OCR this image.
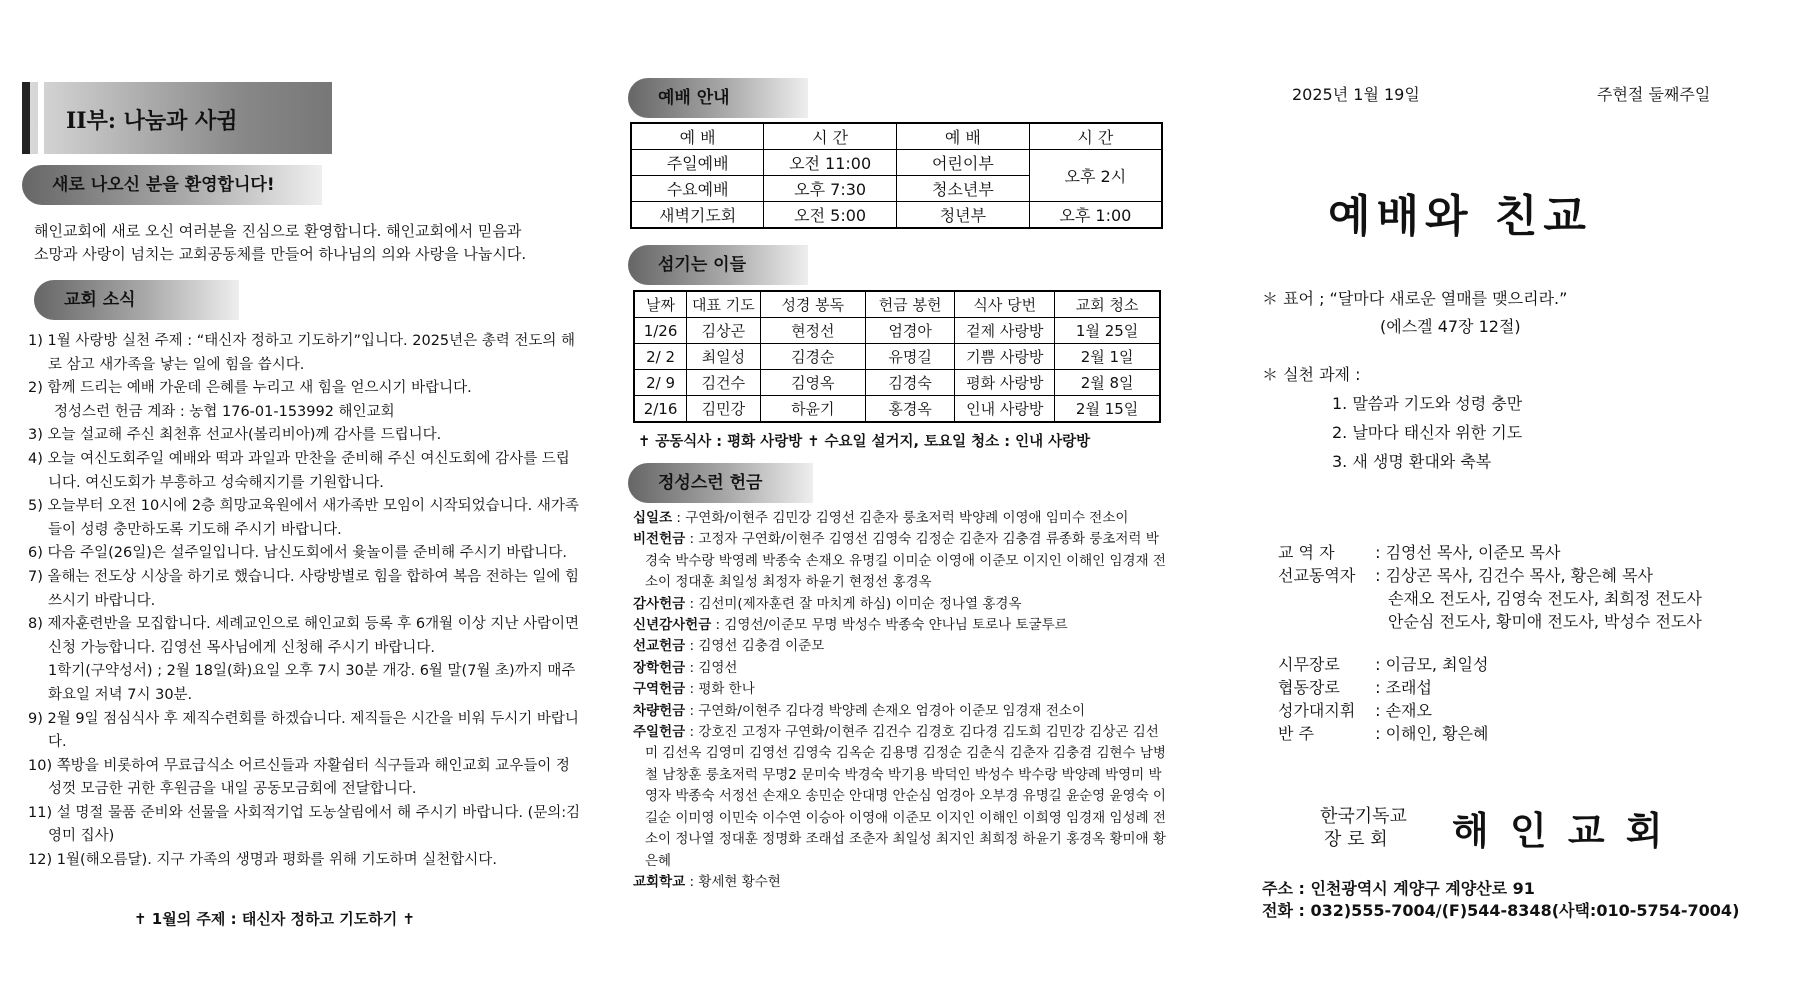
II부: 나눔과 사귐
새로 나오신 분을 환영합니다!
해인교회에 새로 오신 여러분을 진심으로 환영합니다. 해인교회에서 믿음과
소망과 사랑이 넘치는 교회공동체를 만들어 하나님의 의와 사랑을 나눕시다.
교회 소식
1) 1월 사랑방 실천 주제 : “태신자 정하고 기도하기”입니다. 2025년은 총력 전도의 해로 삼고 새가족을 낳는 일에 힘을 씁시다.
2) 함께 드리는 예배 가운데 은혜를 누리고 새 힘을 얻으시기 바랍니다.
정성스런 헌금 계좌 : 농협 176-01-153992 해인교회
3) 오늘 설교해 주신 최천휴 선교사(볼리비아)께 감사를 드립니다.
4) 오늘 여신도회주일 예배와 떡과 과일과 만찬을 준비해 주신 여신도회에 감사를 드립니다. 여신도회가 부흥하고 성숙해지기를 기원합니다.
5) 오늘부터 오전 10시에 2층 희망교육원에서 새가족반 모임이 시작되었습니다. 새가족들이 성령 충만하도록 기도해 주시기 바랍니다.
6) 다음 주일(26일)은 설주일입니다. 남신도회에서 윷놀이를 준비해 주시기 바랍니다.
7) 올해는 전도상 시상을 하기로 했습니다. 사랑방별로 힘을 합하여 복음 전하는 일에 힘쓰시기 바랍니다.
8) 제자훈련반을 모집합니다. 세례교인으로 해인교회 등록 후 6개월 이상 지난 사람이면 신청 가능합니다. 김영선 목사님에게 신청해 주시기 바랍니다.
1학기(구약성서) ; 2월 18일(화)요일 오후 7시 30분 개강. 6월 말(7월 초)까지 매주 화요일 저녁 7시 30분.
9) 2월 9일 점심식사 후 제직수련회를 하겠습니다. 제직들은 시간을 비워 두시기 바랍니다.
10) 쪽방을 비롯하여 무료급식소 어르신들과 자활쉼터 식구들과 해인교회 교우들이 정성껏 모금한 귀한 후원금을 내일 공동모금회에 전달합니다.
11) 설 명절 물품 준비와 선물을 사회적기업 도농살림에서 해 주시기 바랍니다. (문의:김영미 집사)
12) 1월(해오름달). 지구 가족의 생명과 평화를 위해 기도하며 실천합시다.
✝ 1월의 주제 : 태신자 정하고 기도하기 ✝
예배 안내
예 배	시 간	예 배	시 간
주일예배	오전 11:00	어린이부	오후 2시
수요예배	오후 7:30	청소년부	
새벽기도회	오전 5:00	청년부	오후 1:00
섬기는 이들
날짜	대표 기도	성경 봉독	헌금 봉헌	식사 당번	교회 청소
1/26	김상곤	현정선	엄경아	겉제 사랑방	1월 25일
2/ 2	최일성	김경순	유명길	기쁨 사랑방	2월 1일
2/ 9	김건수	김영옥	김경숙	평화 사랑방	2월 8일
2/16	김민강	하윤기	홍경옥	인내 사랑방	2월 15일
✝ 공동식사 : 평화 사랑방 ✝ 수요일 설거지, 토요일 청소 : 인내 사랑방
정성스런 헌금

십일조 : 구연화/이현주 김민강 김영선 김춘자 룽초저럭 박양례 이영애 임미수 전소이

비전헌금 : 고정자 구연화/이현주 김영선 김영숙 김정순 김춘자 김충겸 류종화 룽초저럭 박경숙 박수랑 박영례 박종숙 손재오 유명길 이미순 이영애 이준모 이지인 이해인 임경재 전소이 정대훈 최일성 최정자 하윤기 현정선 홍경옥

감사헌금 : 김선미(제자훈련 잘 마치게 하심) 이미순 정나열 홍경옥

신년감사헌금 : 김영선/이준모 무명 박성수 박종숙 얀나님 토로나 토굴투르

선교헌금 : 김영선 김충겸 이준모

장학헌금 : 김영선

구역헌금 : 평화 한나

차량헌금 : 구연화/이현주 김다경 박양례 손재오 엄경아 이준모 임경재 전소이

주일헌금 : 강호진 고정자 구연화/이현주 김건수 김경호 김다경 김도희 김민강 김상곤 김선미 김선옥 김영미 김영선 김영숙 김옥순 김용명 김정순 김춘식 김춘자 김충겸 김현수 남병철 남창훈 룽초저럭 무명2 문미숙 박경숙 박기용 박덕인 박성수 박수랑 박양례 박영미 박영자 박종숙 서정선 손재오 송민순 안대명 안순심 엄경아 오부경 유명길 윤순영 윤영숙 이길순 이미영 이민숙 이수연 이승아 이영애 이준모 이지인 이해인 이희영 임경재 임성례 전소이 정나열 정대훈 정명화 조래섭 조춘자 최일성 최지인 최희정 하윤기 홍경옥 황미애 황은혜

교회학교 : 황세현 황수현

2025년 1월 19일	주현절 둘째주일
예배와 친교
＊ 표어 ; “달마다 새로운 열매를 맺으리라.”
(에스겔 47장 12절)
＊ 실천 과제 :
1. 말씀과 기도와 성령 충만
2. 날마다 태신자 위한 기도
3. 새 생명 환대와 축복
교 역 자 : 김영선 목사, 이준모 목사
선교동역자 : 김상곤 목사, 김건수 목사, 황은혜 목사
손재오 전도사, 김영숙 전도사, 최희정 전도사
안순심 전도사, 황미애 전도사, 박성수 전도사
시무장로 : 이금모, 최일성
협동장로 : 조래섭
성가대지휘 : 손재오
반 주	: 이해인, 황은혜
한국기독교
장 로 회 해 인 교 회
주소 : 인천광역시 계양구 계양산로 91
전화 : 032)555-7004/(F)544-8348(사택:010-5754-7004)
